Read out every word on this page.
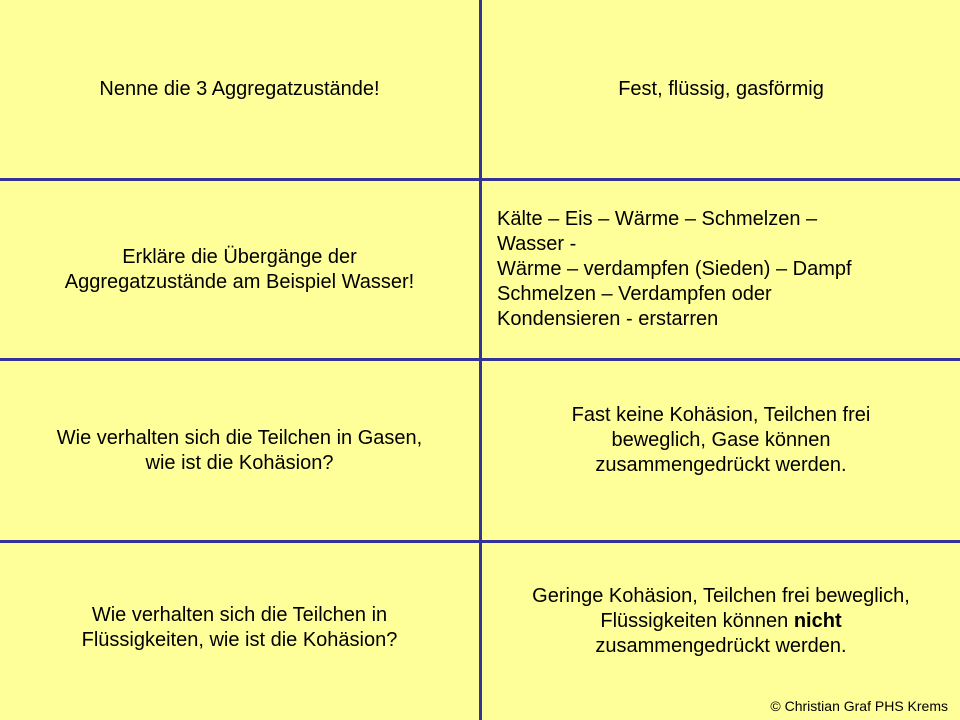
Nenne die 3 Aggregatzustände!	Fest, flüssig, gasförmig
Erkläre die Übergänge der
Aggregatzustände am Beispiel Wasser!
Kälte – Eis – Wärme – Schmelzen –
Wasser -
Wärme – verdampfen (Sieden) – Dampf
Schmelzen – Verdampfen oder
Kondensieren - erstarren
Wie verhalten sich die Teilchen in Gasen,
wie ist die Kohäsion?
Fast keine Kohäsion, Teilchen frei
beweglich, Gase können
zusammengedrückt werden.
Wie verhalten sich die Teilchen in
Flüssigkeiten, wie ist die Kohäsion?
Geringe Kohäsion, Teilchen frei beweglich,
Flüssigkeiten können nicht
zusammengedrückt werden.
© Christian Graf PHS Krems
